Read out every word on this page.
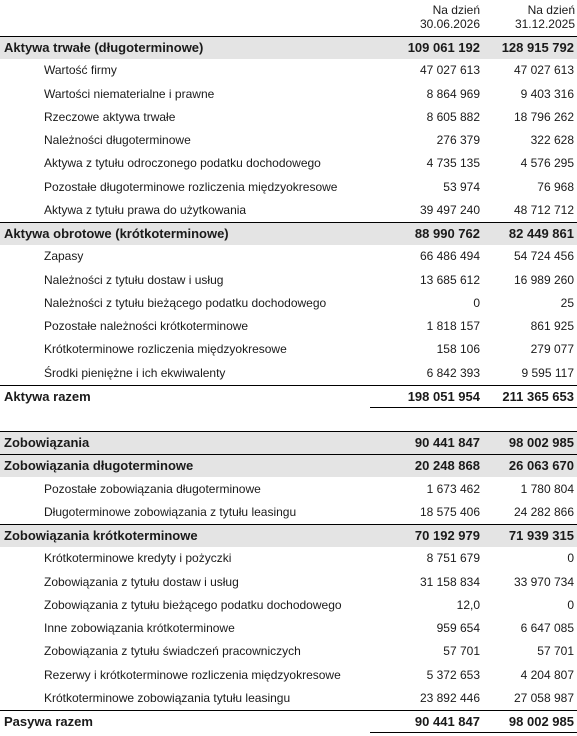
Na dzień
30.06.2026
Na dzień
31.12.2025
Aktywa trwałe (długoterminowe)	109 061 192	128 915 792
Wartość firmy	47 027 613	47 027 613
Wartości niematerialne i prawne	8 864 969	9 403 316
Rzeczowe aktywa trwałe	8 605 882	18 796 262
Należności długoterminowe	276 379	322 628
Aktywa z tytułu odroczonego podatku dochodowego	4 735 135	4 576 295
Pozostałe długoterminowe rozliczenia międzyokresowe	53 974	76 968
Aktywa z tytułu prawa do użytkowania	39 497 240	48 712 712
Aktywa obrotowe (krótkoterminowe)	88 990 762	82 449 861
Zapasy	66 486 494	54 724 456
Należności z tytułu dostaw i usług	13 685 612	16 989 260
Należności z tytułu bieżącego podatku dochodowego	0	25
Pozostałe należności krótkoterminowe	1 818 157	861 925
Krótkoterminowe rozliczenia międzyokresowe	158 106	279 077
Środki pieniężne i ich ekwiwalenty	6 842 393	9 595 117
Aktywa razem	198 051 954	211 365 653
Zobowiązania	90 441 847	98 002 985
Zobowiązania długoterminowe	20 248 868	26 063 670
Pozostałe zobowiązania długoterminowe	1 673 462	1 780 804
Długoterminowe zobowiązania z tytułu leasingu	18 575 406	24 282 866
Zobowiązania krótkoterminowe	70 192 979	71 939 315
Krótkoterminowe kredyty i pożyczki	8 751 679	0
Zobowiązania z tytułu dostaw i usług	31 158 834	33 970 734
Zobowiązania z tytułu bieżącego podatku dochodowego	12,0	0
Inne zobowiązania krótkoterminowe	959 654	6 647 085
Zobowiązania z tytułu świadczeń pracowniczych	57 701	57 701
Rezerwy i krótkoterminowe rozliczenia międzyokresowe	5 372 653	4 204 807
Krótkoterminowe zobowiązania tytułu leasingu	23 892 446	27 058 987
Pasywa razem	90 441 847	98 002 985
